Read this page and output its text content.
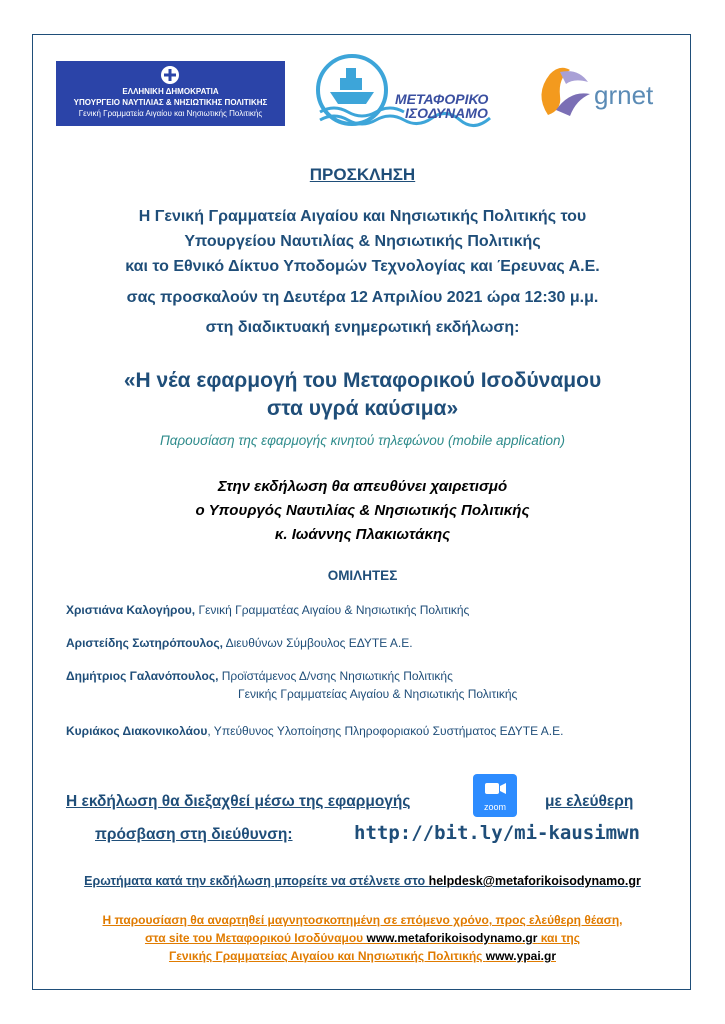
ΕΛΛΗΝΙΚΗ ΔΗΜΟΚΡΑΤΙΑ
ΥΠΟΥΡΓΕΙΟ ΝΑΥΤΙΛΙΑΣ & ΝΗΣΙΩΤΙΚΗΣ ΠΟΛΙΤΙΚΗΣ
Γενική Γραμματεία Αιγαίου και Νησιωτικής Πολιτικής
ΜΕΤΑΦΟΡΙΚΟ
ΙΣΟΔΥΝΑΜΟ
grnet
ΠΡΟΣΚΛΗΣΗ
Η Γενική Γραμματεία Αιγαίου και Νησιωτικής Πολιτικής του
Υπουργείου Ναυτιλίας & Νησιωτικής Πολιτικής
και το Εθνικό Δίκτυο Υποδομών Τεχνολογίας και Έρευνας Α.Ε.
σας προσκαλούν τη Δευτέρα 12 Απριλίου 2021 ώρα 12:30 μ.μ.
στη διαδικτυακή ενημερωτική εκδήλωση:
«Η νέα εφαρμογή του Μεταφορικού Ισοδύναμου
στα υγρά καύσιμα»
Παρουσίαση της εφαρμογής κινητού τηλεφώνου (mobile application)
Στην εκδήλωση θα απευθύνει χαιρετισμό
ο Υπουργός Ναυτιλίας & Νησιωτικής Πολιτικής
κ. Ιωάννης Πλακιωτάκης
ΟΜΙΛΗΤΕΣ
Χριστιάνα Καλογήρου, Γενική Γραμματέας Αιγαίου & Νησιωτικής Πολιτικής
Αριστείδης Σωτηρόπουλος, Διευθύνων Σύμβουλος ΕΔΥΤΕ Α.Ε.
Δημήτριος Γαλανόπουλος, Προϊστάμενος Δ/νσης Νησιωτικής Πολιτικής
Γενικής Γραμματείας Αιγαίου & Νησιωτικής Πολιτικής
Κυριάκος Διακονικολάου, Υπεύθυνος Υλοποίησης Πληροφοριακού Συστήματος ΕΔΥΤΕ Α.Ε.
Η εκδήλωση θα διεξαχθεί μέσω της εφαρμογής	zoom	με ελεύθερη
πρόσβαση στη διεύθυνση:	http://bit.ly/mi-kausimwn
Ερωτήματα κατά την εκδήλωση μπορείτε να στέλνετε στο helpdesk@metaforikoisodynamo.gr
Η παρουσίαση θα αναρτηθεί μαγνητοσκοπημένη σε επόμενο χρόνο, προς ελεύθερη θέαση,
στα site του Μεταφορικού Ισοδύναμου www.metaforikoisodynamo.gr και της
Γενικής Γραμματείας Αιγαίου και Νησιωτικής Πολιτικής www.ypai.gr
